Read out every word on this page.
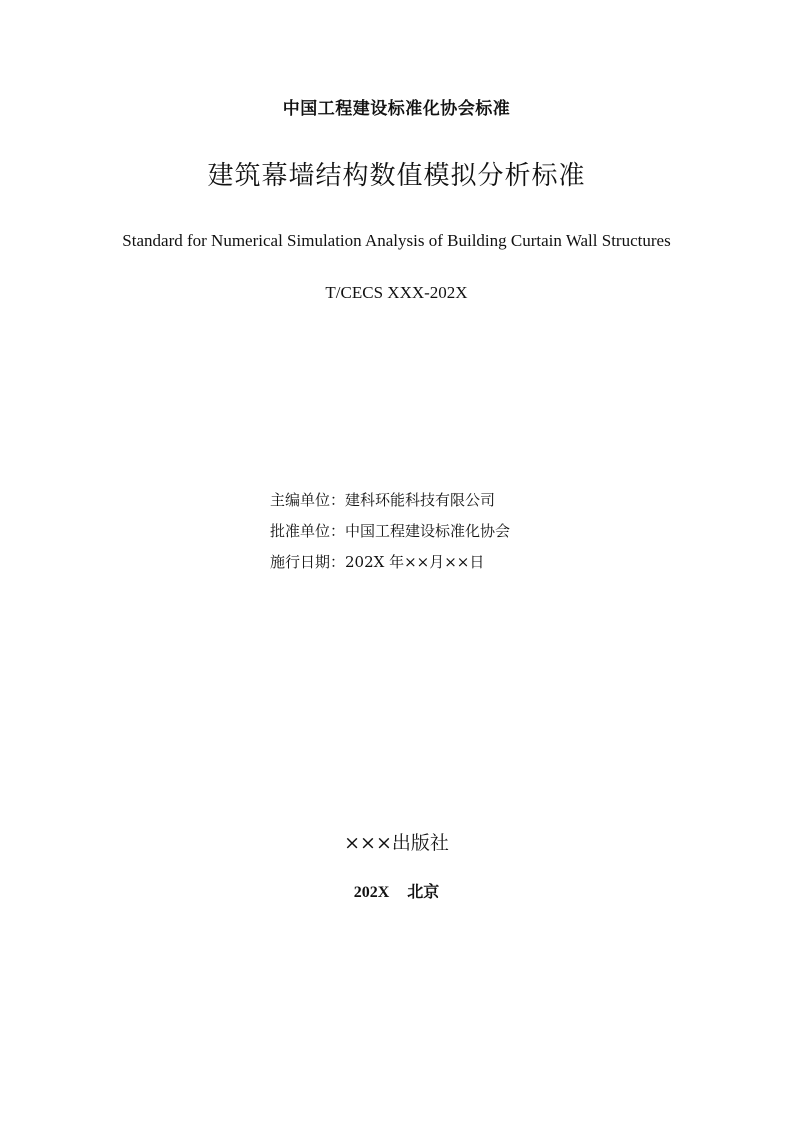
中国工程建设标准化协会标准
建筑幕墙结构数值模拟分析标准
Standard for Numerical Simulation Analysis of Building Curtain Wall Structures
T/CECS XXX-202X
主编单位：建科环能科技有限公司
批准单位：中国工程建设标准化协会
施行日期：202X 年××月××日
×××出版社
202X 北京
